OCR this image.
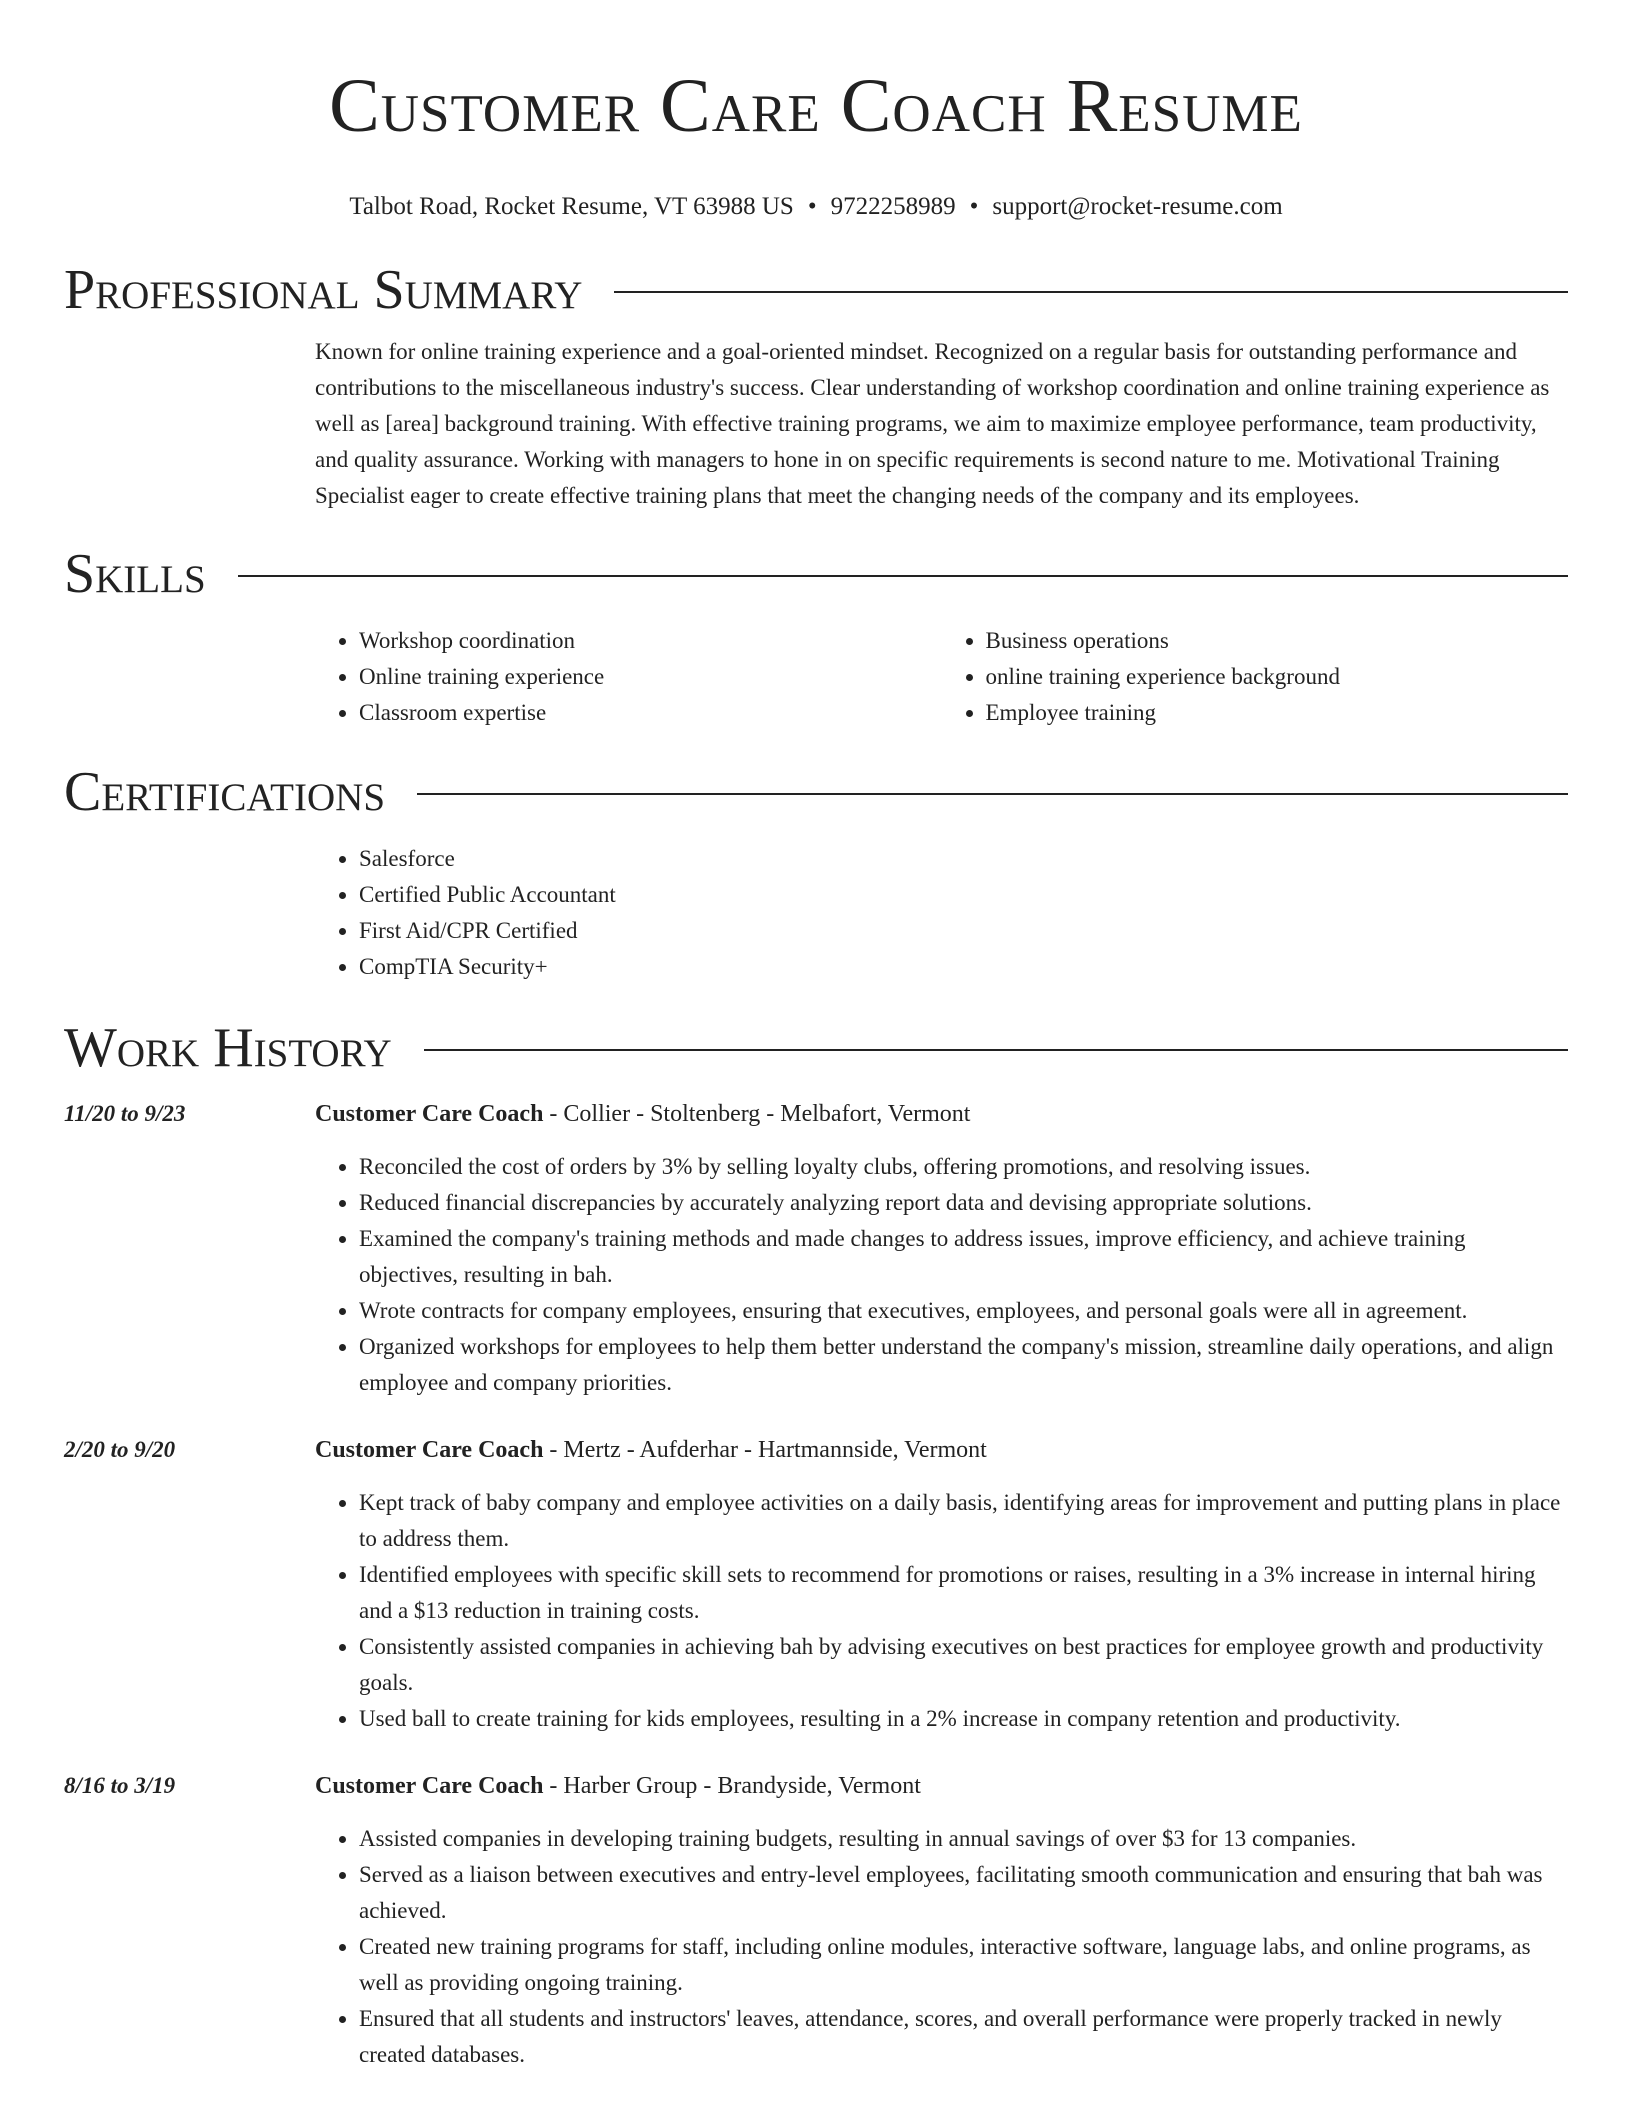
Customer Care Coach Resume
Talbot Road, Rocket Resume, VT 63988 US • 9722258989 • support@rocket-resume.com
Professional Summary

Known for online training experience and a goal-oriented mindset. Recognized on a regular basis for outstanding performance and contributions to the miscellaneous industry's success. Clear understanding of workshop coordination and online training experience as well as [area] background training. With effective training programs, we aim to maximize employee performance, team productivity, and quality assurance. Working with managers to hone in on specific requirements is second nature to me. Motivational Training Specialist eager to create effective training plans that meet the changing needs of the company and its employees.

Skills
• Workshop coordination
• Online training experience
• Classroom expertise
• Business operations
• online training experience background
• Employee training
Certifications
• Salesforce
• Certified Public Accountant
• First Aid/CPR Certified
• CompTIA Security+
Work History
11/20 to 9/23	Customer Care Coach - Collier - Stoltenberg - Melbafort, Vermont
• Reconciled the cost of orders by 3% by selling loyalty clubs, offering promotions, and resolving issues.
• Reduced financial discrepancies by accurately analyzing report data and devising appropriate solutions.
• Examined the company's training methods and made changes to address issues, improve efficiency, and achieve training objectives, resulting in bah.
• Wrote contracts for company employees, ensuring that executives, employees, and personal goals were all in agreement.
• Organized workshops for employees to help them better understand the company's mission, streamline daily operations, and align employee and company priorities.
2/20 to 9/20	Customer Care Coach - Mertz - Aufderhar - Hartmannside, Vermont
• Kept track of baby company and employee activities on a daily basis, identifying areas for improvement and putting plans in place to address them.
• Identified employees with specific skill sets to recommend for promotions or raises, resulting in a 3% increase in internal hiring and a $13 reduction in training costs.
• Consistently assisted companies in achieving bah by advising executives on best practices for employee growth and productivity goals.
• Used ball to create training for kids employees, resulting in a 2% increase in company retention and productivity.
8/16 to 3/19	Customer Care Coach - Harber Group - Brandyside, Vermont
• Assisted companies in developing training budgets, resulting in annual savings of over $3 for 13 companies.
• Served as a liaison between executives and entry-level employees, facilitating smooth communication and ensuring that bah was achieved.
• Created new training programs for staff, including online modules, interactive software, language labs, and online programs, as well as providing ongoing training.
• Ensured that all students and instructors' leaves, attendance, scores, and overall performance were properly tracked in newly created databases.
